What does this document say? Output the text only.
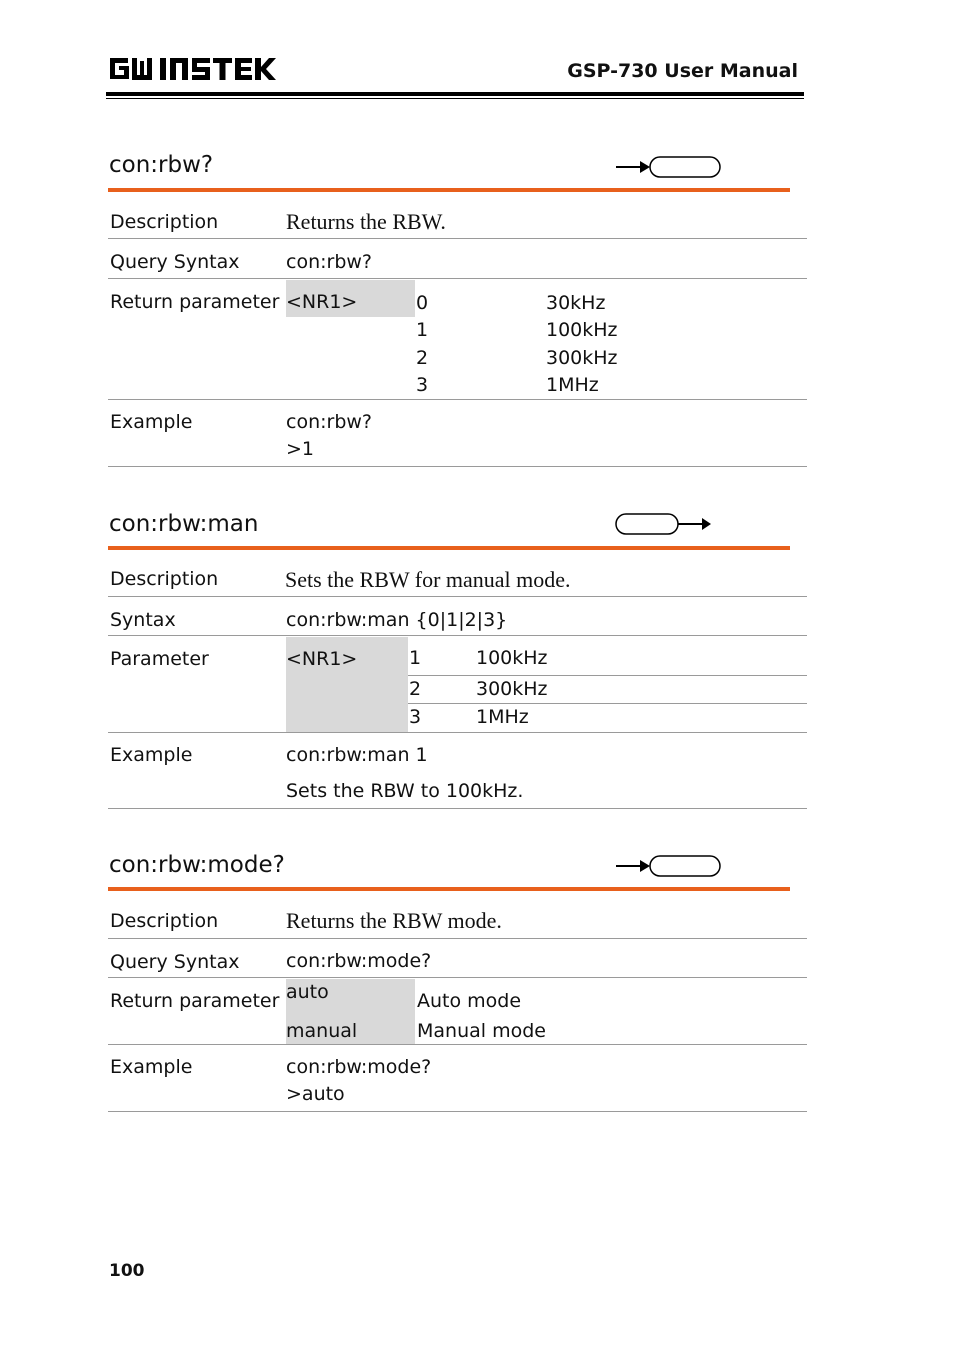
GSP-730 User Manual
con:rbw?
Description	Returns the RBW.
Query Syntax con:rbw?
Return parameter <NR1>	0	30kHz
1	100kHz
2	300kHz
3	1MHz
Example	con:rbw?
>1
con:rbw:man
Description	Sets the RBW for manual mode.
Syntax	con:rbw:man {0|1|2|3}
Parameter	<NR1>	1	100kHz
2	300kHz
3	1MHz
Example	con:rbw:man 1
Sets the RBW to 100kHz.
con:rbw:mode?
Description	Returns the RBW mode.
Query Syntax con:rbw:mode?
Return parameter auto	Auto mode
manual	Manual mode
Example	con:rbw:mode?
>auto
100
